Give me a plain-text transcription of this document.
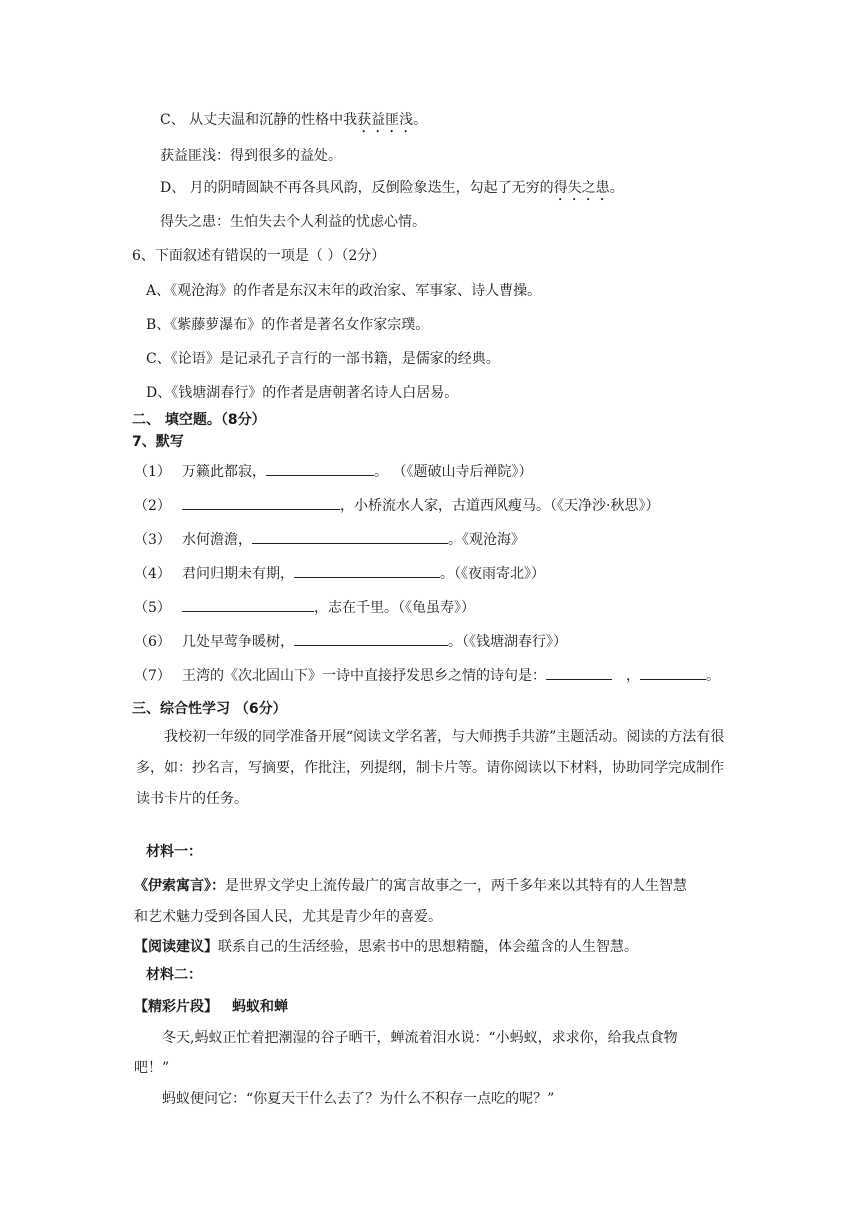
C、 从丈夫温和沉静的性格中我获益匪浅。
获益匪浅：得到很多的益处。
D、 月的阴晴圆缺不再各具风韵，反倒险象迭生，勾起了无穷的得失之患。
得失之患：生怕失去个人利益的忧虑心情。
6、下面叙述有错误的一项是（ ）（2分）
A、《观沧海》的作者是东汉末年的政治家、军事家、诗人曹操。
B、《紫藤萝瀑布》的作者是著名女作家宗璞。
C、《论语》是记录孔子言行的一部书籍，是儒家的经典。
D、《钱塘湖春行》的作者是唐朝著名诗人白居易。
二、 填空题。（8分）
7、默写
（1） 万籁此都寂，	。 （《题破山寺后禅院》）
（2）	，小桥流水人家，古道西风瘦马。（《天净沙·秋思》）
（3） 水何澹澹，	。《观沧海》
（4） 君问归期未有期，	。（《夜雨寄北》）
（5）	，志在千里。（《龟虽寿》）
（6） 几处早莺争暖树，	。（《钱塘湖春行》）
（7） 王湾的《次北固山下》一诗中直接抒发思乡之情的诗句是：	，	。
三、综合性学习 （6分）
我校初一年级的同学准备开展“阅读文学名著，与大师携手共游”主题活动。阅读的方法有很多，如：抄名言，写摘要，作批注，列提纲，制卡片等。请你阅读以下材料，协助同学完成制作读书卡片的任务。
材料一：
《伊索寓言》：是世界文学史上流传最广的寓言故事之一，两千多年来以其特有的人生智慧
和艺术魅力受到各国人民，尤其是青少年的喜爱。
【阅读建议】联系自己的生活经验，思索书中的思想精髓，体会蕴含的人生智慧。
材料二：
【精彩片段】 蚂蚁和蝉
冬天,蚂蚁正忙着把潮湿的谷子晒干，蝉流着泪水说：“小蚂蚁，求求你，给我点食物
吧！”
蚂蚁便问它：“你夏天干什么去了？为什么不积存一点吃的呢？”
